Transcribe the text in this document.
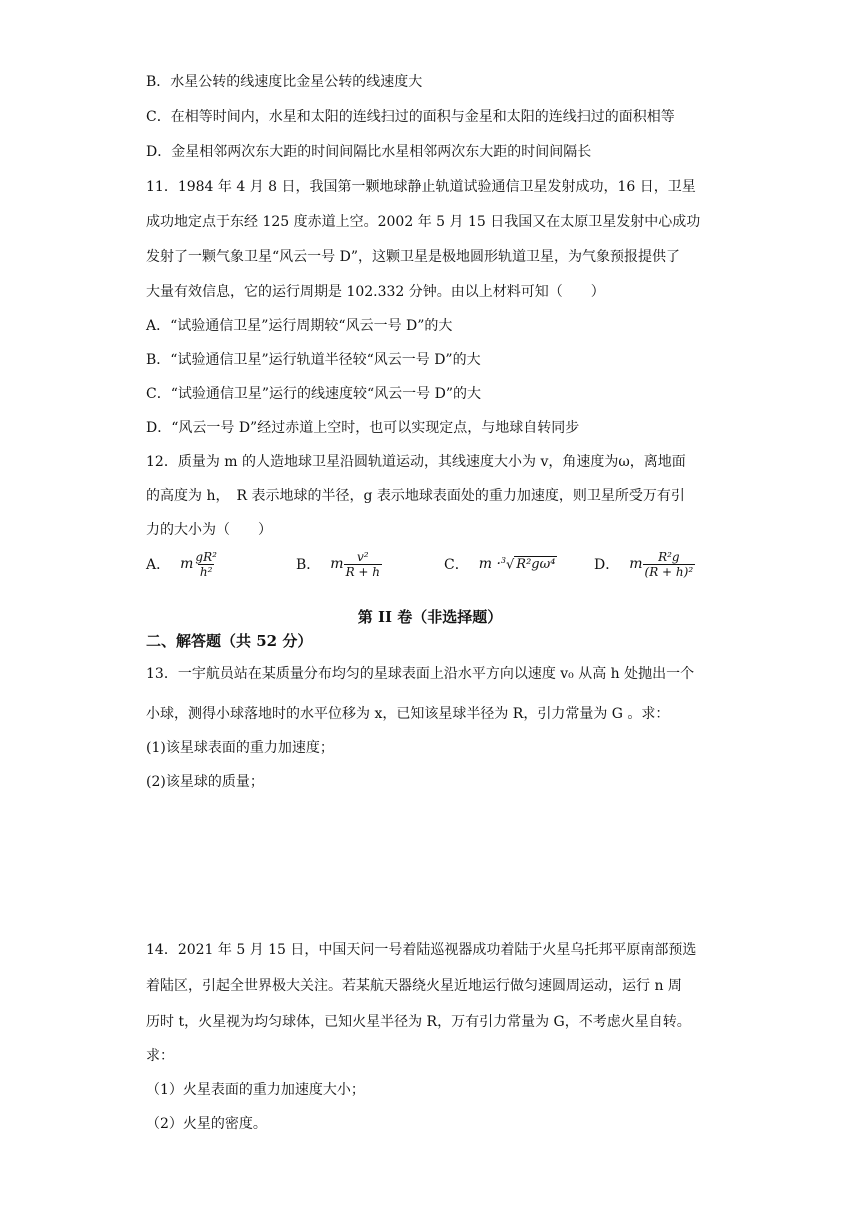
B．水星公转的线速度比金星公转的线速度大
C．在相等时间内，水星和太阳的连线扫过的面积与金星和太阳的连线扫过的面积相等
D．金星相邻两次东大距的时间间隔比水星相邻两次东大距的时间间隔长
11．1984 年 4 月 8 日，我国第一颗地球静止轨道试验通信卫星发射成功，16 日，卫星
成功地定点于东经 125 度赤道上空。2002 年 5 月 15 日我国又在太原卫星发射中心成功
发射了一颗气象卫星“风云一号 D”，这颗卫星是极地圆形轨道卫星，为气象预报提供了
大量有效信息，它的运行周期是 102.332 分钟。由以上材料可知（　　）
A．“试验通信卫星”运行周期较“风云一号 D”的大
B．“试验通信卫星”运行轨道半径较“风云一号 D”的大
C．“试验通信卫星”运行的线速度较“风云一号 D”的大
D．“风云一号 D”经过赤道上空时，也可以实现定点，与地球自转同步
12．质量为 m 的人造地球卫星沿圆轨道运动，其线速度大小为 v，角速度为ω，离地面
的高度为 h，　R 表示地球的半径，g 表示地球表面处的重力加速度，则卫星所受万有引
力的大小为（　　）
A． m $\frac{\text{gR²}}{\text{h²}}$	B． m $\frac{\text{v²}}{R + h}$	C． m · $^3$√ R²gω⁴	D． m $\frac{\text{R²g}}{\text{(R + h)²}}$
第 II 卷（非选择题）
二、解答题（共 52 分）
13．一宇航员站在某质量分布均匀的星球表面上沿水平方向以速度 v₀ 从高 h 处抛出一个
小球，测得小球落地时的水平位移为 x，已知该星球半径为 R，引力常量为 G 。求：
(1)该星球表面的重力加速度；
(2)该星球的质量；
14．2021 年 5 月 15 日，中国天问一号着陆巡视器成功着陆于火星乌托邦平原南部预选
着陆区，引起全世界极大关注。若某航天器绕火星近地运行做匀速圆周运动，运行 n 周
历时 t，火星视为均匀球体，已知火星半径为 R，万有引力常量为 G，不考虑火星自转。
求：
（1）火星表面的重力加速度大小；
（2）火星的密度。
